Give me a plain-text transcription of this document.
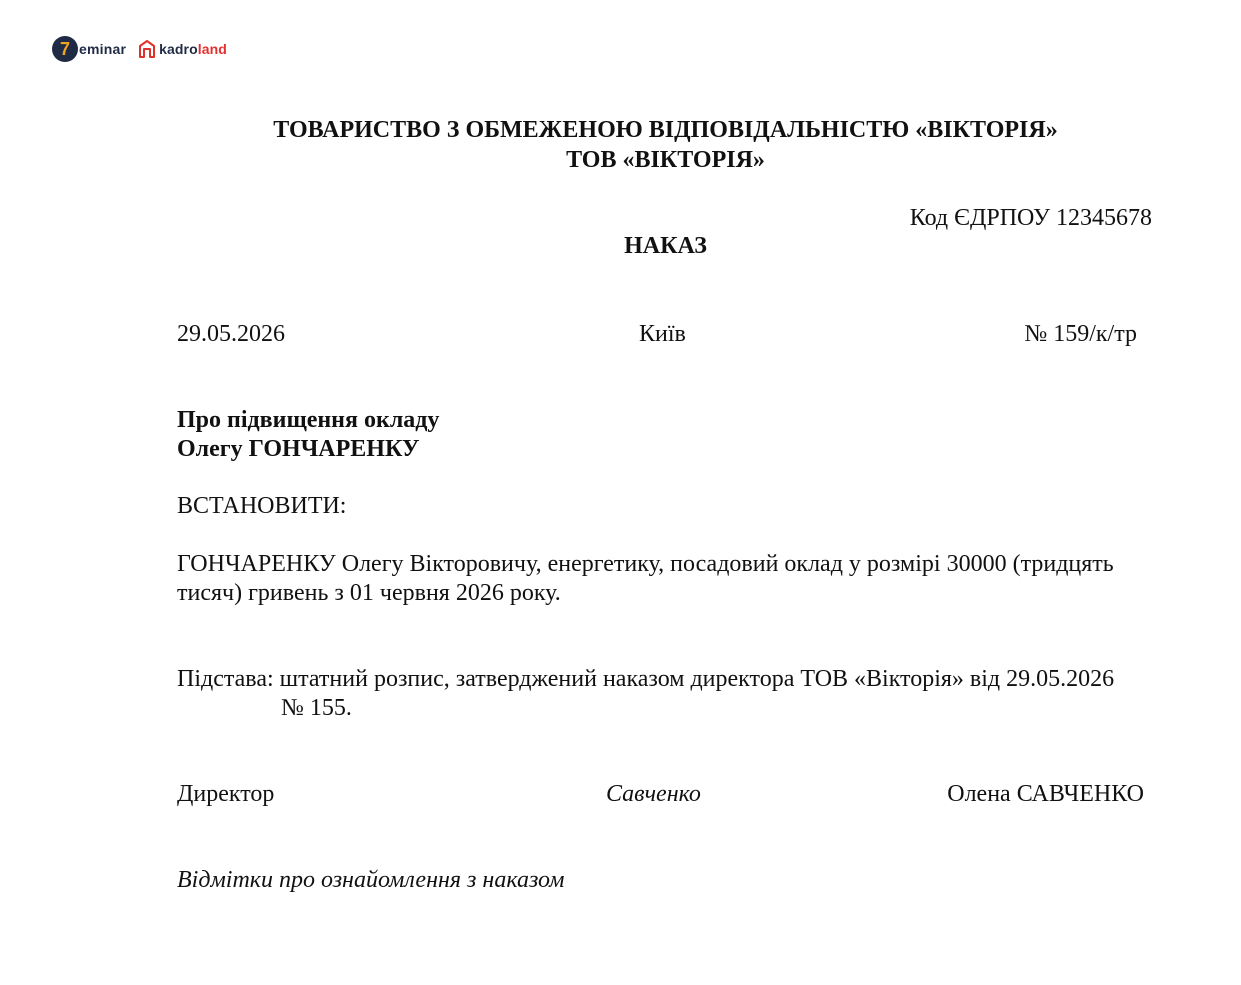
7 eminar kadroland
ТОВАРИСТВО З ОБМЕЖЕНОЮ ВІДПОВІДАЛЬНІСТЮ «ВІКТОРІЯ»
ТОВ «ВІКТОРІЯ»
Код ЄДРПОУ 12345678
НАКАЗ
29.05.2026	Київ	№ 159/к/тр
Про підвищення окладу
Олегу ГОНЧАРЕНКУ
ВСТАНОВИТИ:
ГОНЧАРЕНКУ Олегу Вікторовичу, енергетику, посадовий оклад у розмірі 30000 (тридцять
тисяч) гривень з 01 червня 2026 року.
Підстава: штатний розпис, затверджений наказом директора ТОВ «Вікторія» від 29.05.2026
№ 155.
Директор	Савченко	Олена САВЧЕНКО
Відмітки про ознайомлення з наказом
